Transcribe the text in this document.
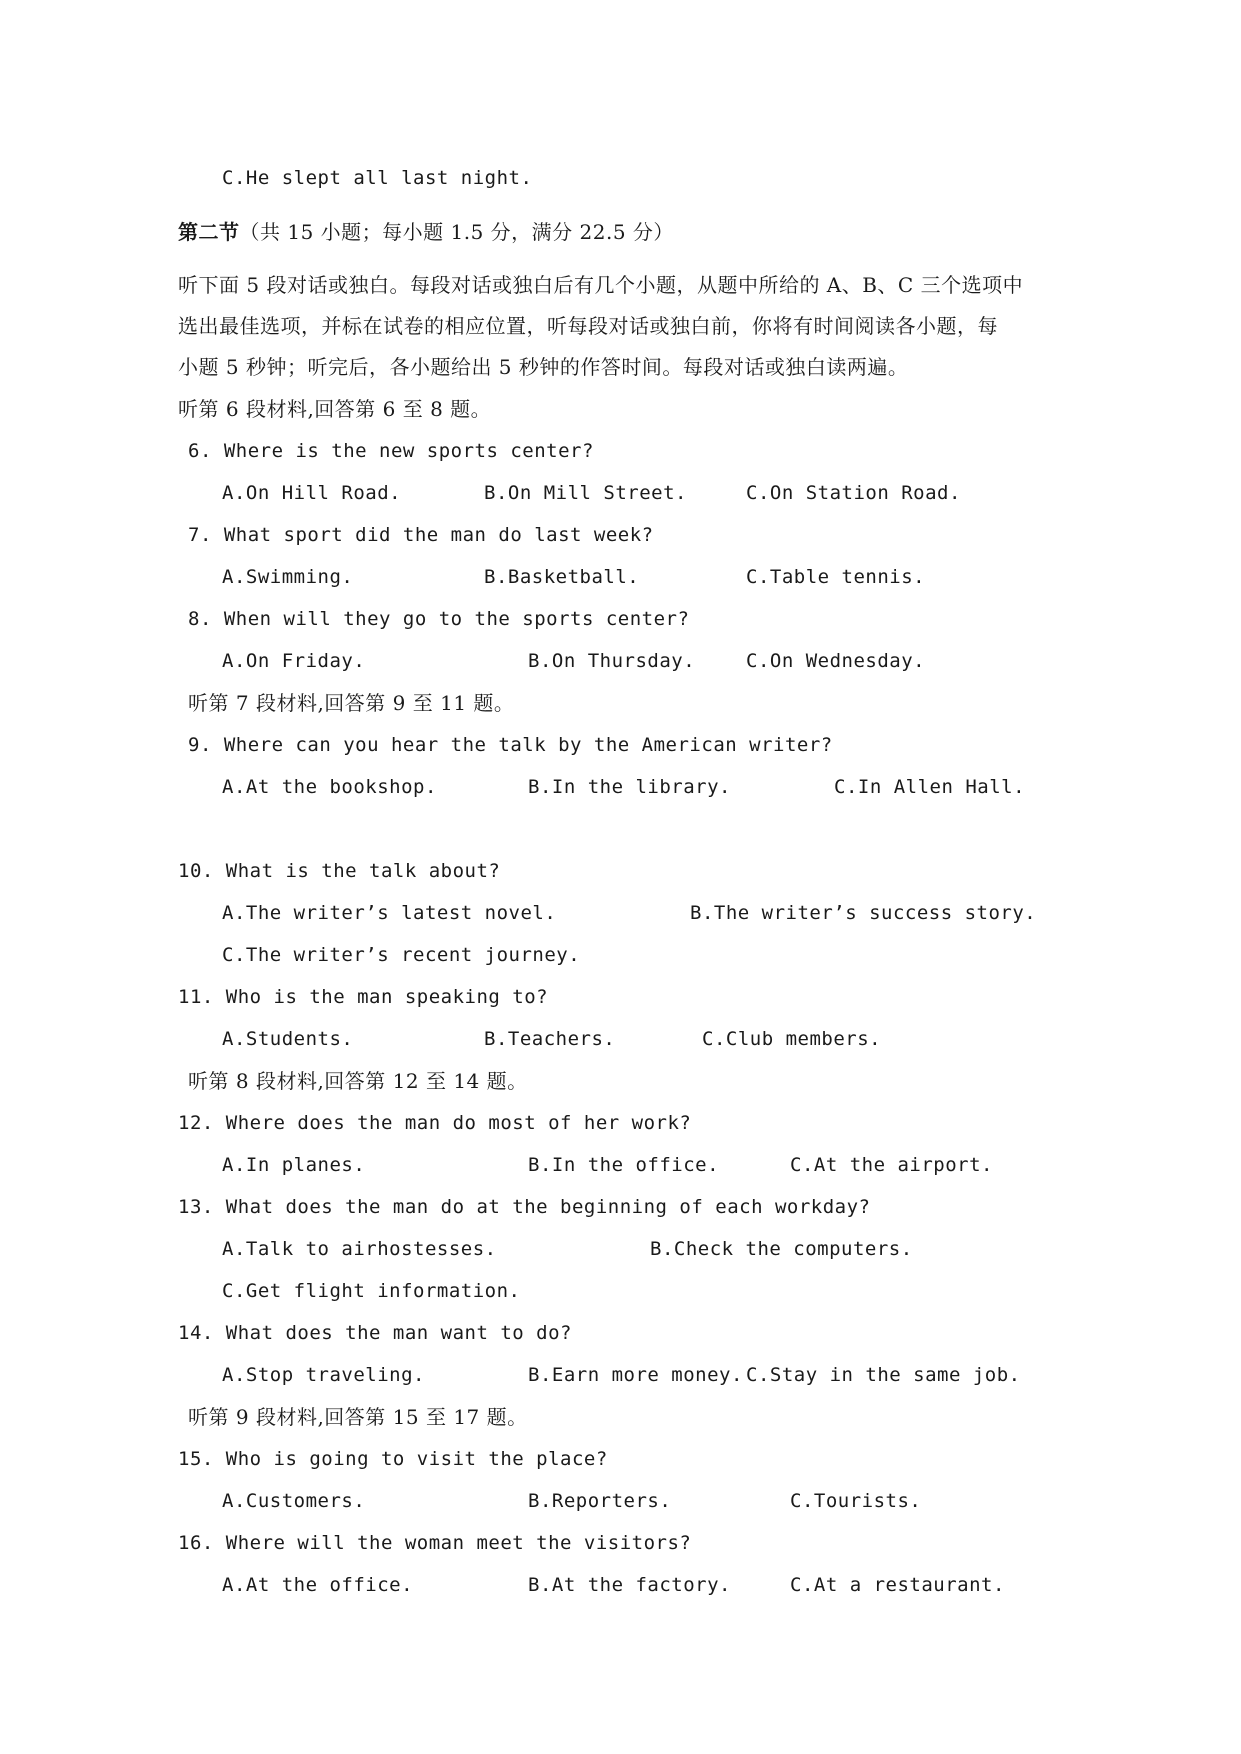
C.He slept all last night.
第二节（共 15 小题；每小题 1.5 分，满分 22.5 分）
听下面 5 段对话或独白。每段对话或独白后有几个小题，从题中所给的 A、B、C 三个选项中
选出最佳选项，并标在试卷的相应位置，听每段对话或独白前，你将有时间阅读各小题，每
小题 5 秒钟；听完后，各小题给出 5 秒钟的作答时间。每段对话或独白读两遍。
听第 6 段材料,回答第 6 至 8 题。
6. Where is the new sports center?
A.On Hill Road.	B.On Mill Street.	C.On Station Road.
7. What sport did the man do last week?
A.Swimming.	B.Basketball.	C.Table tennis.
8. When will they go to the sports center?
A.On Friday.	B.On Thursday.	C.On Wednesday.
听第 7 段材料,回答第 9 至 11 题。
9. Where can you hear the talk by the American writer?
A.At the bookshop.	B.In the library.	C.In Allen Hall.
10. What is the talk about?
A.The writer’s latest novel.	B.The writer’s success story.
C.The writer’s recent journey.
11. Who is the man speaking to?
A.Students.	B.Teachers.	C.Club members.
听第 8 段材料,回答第 12 至 14 题。
12. Where does the man do most of her work?
A.In planes.	B.In the office.	C.At the airport.
13. What does the man do at the beginning of each workday?
A.Talk to airhostesses.	B.Check the computers.
C.Get flight information.
14. What does the man want to do?
A.Stop traveling.	B.Earn more money. C.Stay in the same job.
听第 9 段材料,回答第 15 至 17 题。
15. Who is going to visit the place?
A.Customers.	B.Reporters.	C.Tourists.
16. Where will the woman meet the visitors?
A.At the office.	B.At the factory.	C.At a restaurant.
